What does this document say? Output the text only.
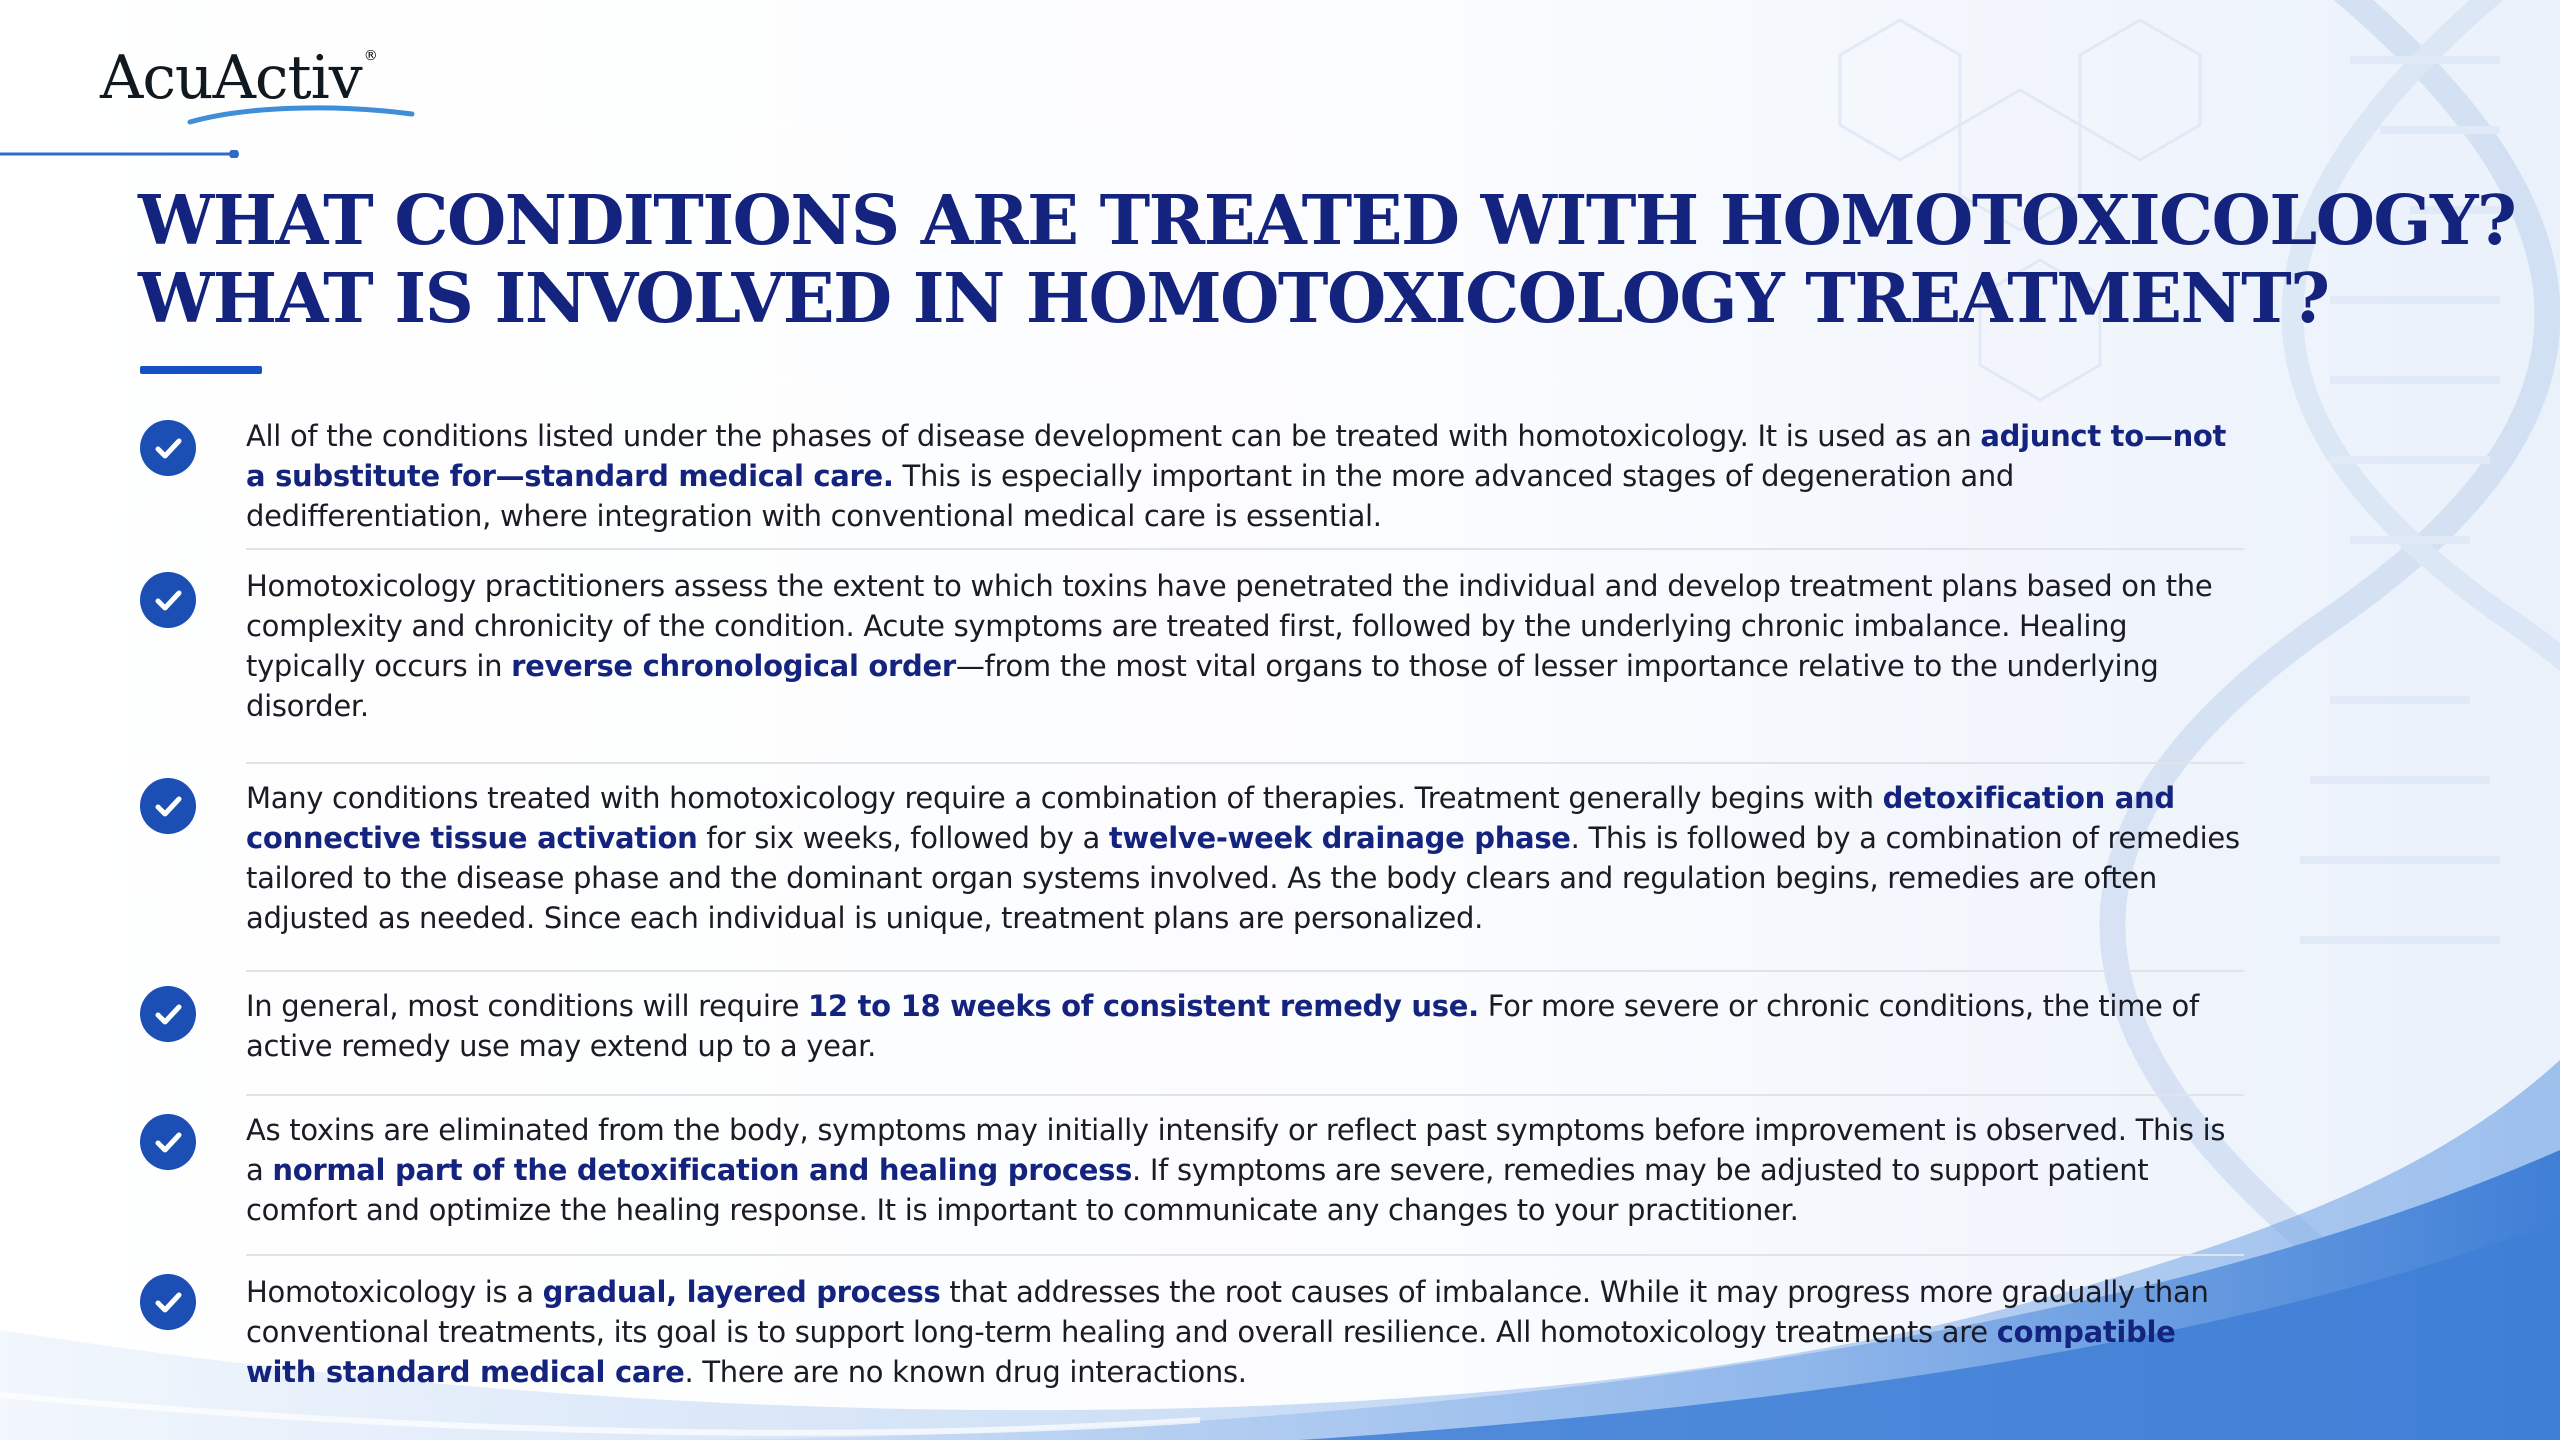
AcuActiv ®
WHAT CONDITIONS ARE TREATED WITH HOMOTOXICOLOGY?
WHAT IS INVOLVED IN HOMOTOXICOLOGY TREATMENT?

All of the conditions listed under the phases of disease development can be treated with homotoxicology. It is used as an adjunct to—not a substitute for—standard medical care. This is especially important in the more advanced stages of degeneration and dedifferentiation, where integration with conventional medical care is essential.

Homotoxicology practitioners assess the extent to which toxins have penetrated the individual and develop treatment plans based on the complexity and chronicity of the condition. Acute symptoms are treated first, followed by the underlying chronic imbalance. Healing typically occurs in reverse chronological order—from the most vital organs to those of lesser importance relative to the underlying disorder.

Many conditions treated with homotoxicology require a combination of therapies. Treatment generally begins with detoxification and connective tissue activation for six weeks, followed by a twelve-week drainage phase. This is followed by a combination of remedies tailored to the disease phase and the dominant organ systems involved. As the body clears and regulation begins, remedies are often adjusted as needed. Since each individual is unique, treatment plans are personalized.

In general, most conditions will require 12 to 18 weeks of consistent remedy use. For more severe or chronic conditions, the time of active remedy use may extend up to a year.

As toxins are eliminated from the body, symptoms may initially intensify or reflect past symptoms before improvement is observed. This is a normal part of the detoxification and healing process. If symptoms are severe, remedies may be adjusted to support patient comfort and optimize the healing response. It is important to communicate any changes to your practitioner.

Homotoxicology is a gradual, layered process that addresses the root causes of imbalance. While it may progress more gradually than conventional treatments, its goal is to support long-term healing and overall resilience. All homotoxicology treatments are compatible with standard medical care. There are no known drug interactions.
